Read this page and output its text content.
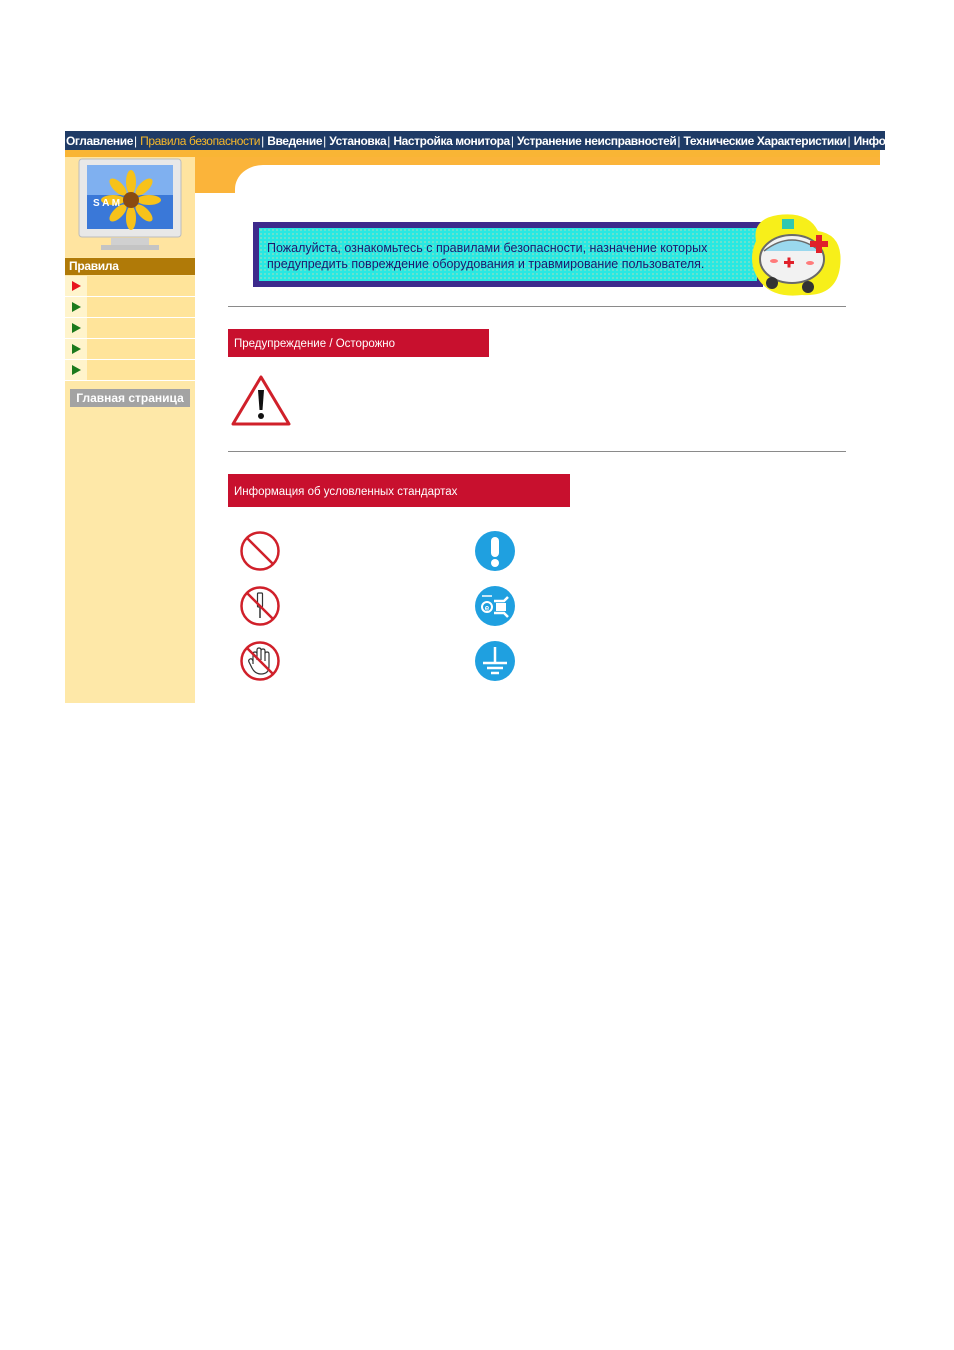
Оглавление | Правила безопасности | Введение | Установка | Настройка монитора | Устранение неисправностей | Технические Характеристики | Информации |
S A M
Правила
Главная страница
Пожалуйста, ознакомьтесь с правилами безопасности, назначение которых
предупредить повреждение оборудования и травмирование пользователя.
Предупреждение / Осторожно
Информация об условленных стандартах
e
